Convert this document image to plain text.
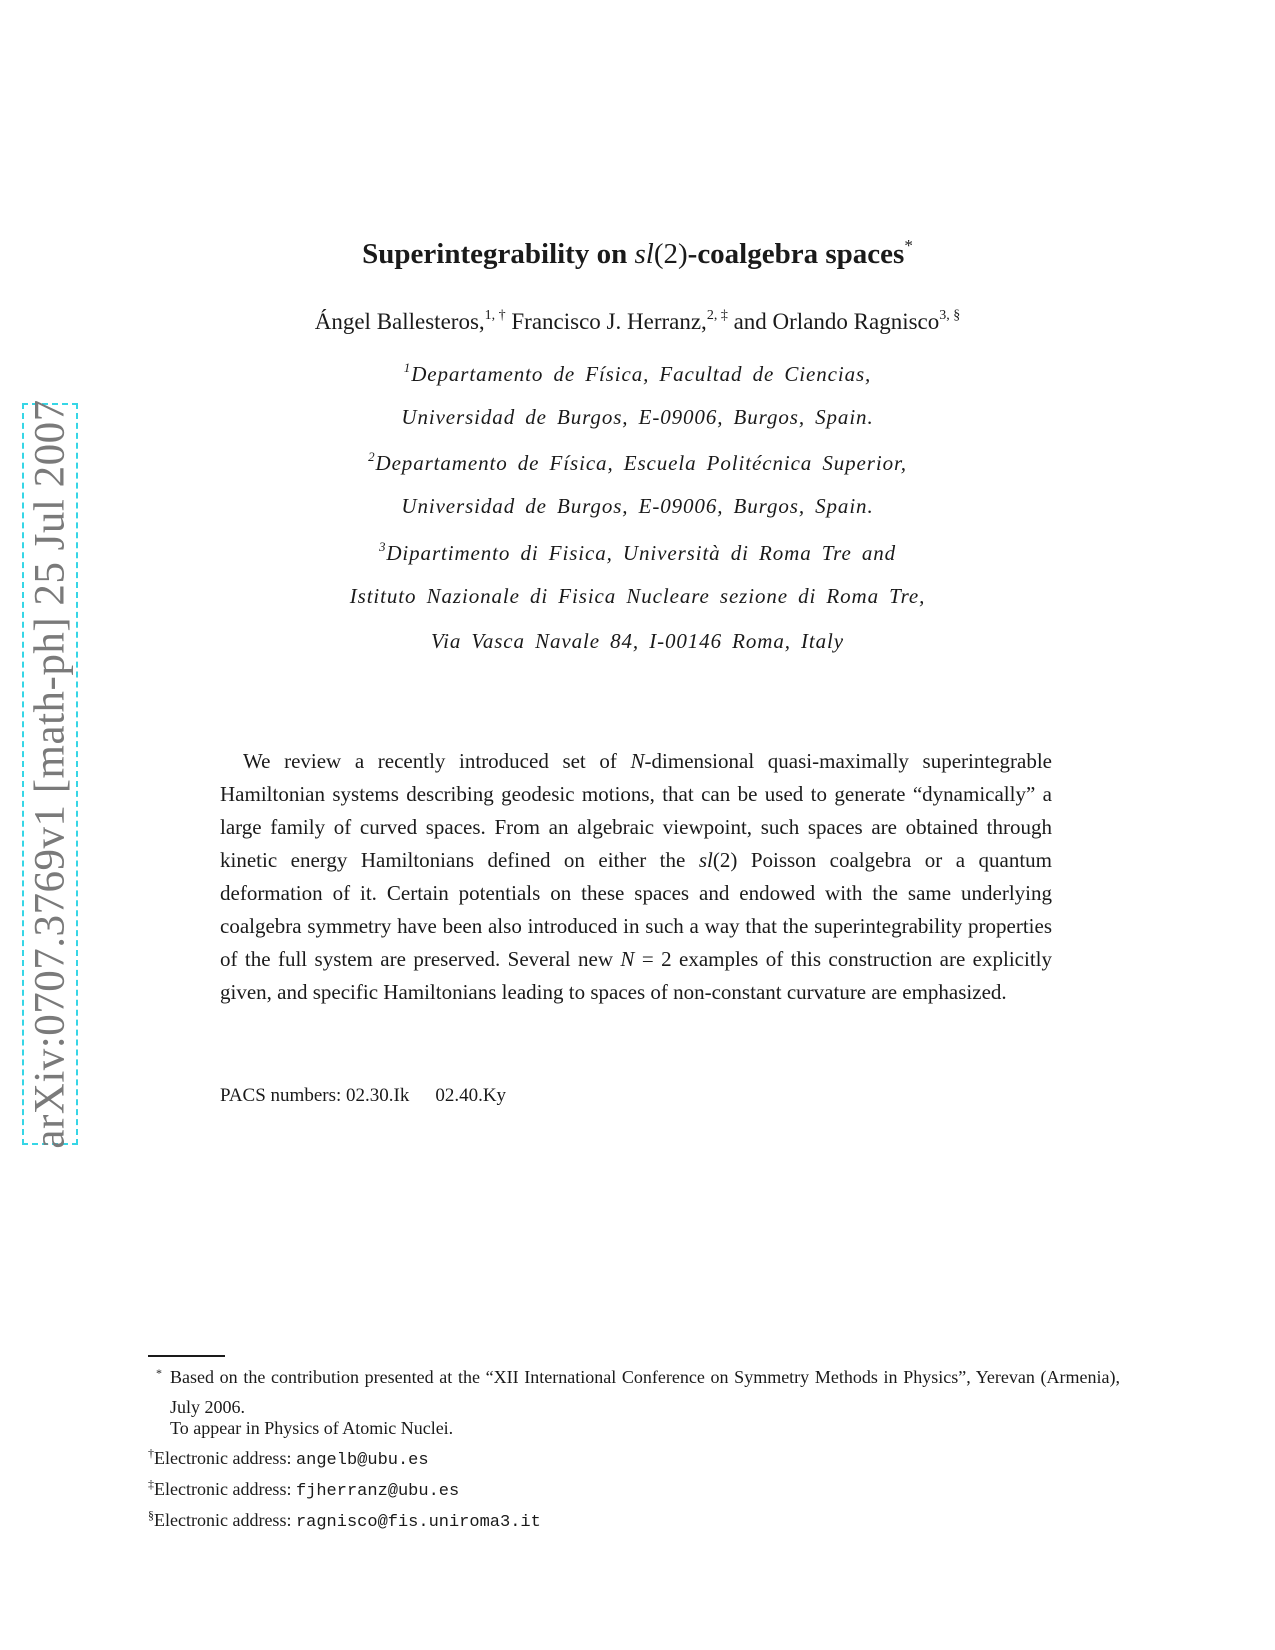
arXiv:0707.3769v1 [math-ph] 25 Jul 2007
Superintegrability on sl(2)-coalgebra spaces*
Ángel Ballesteros,$^{1, \dagger}$ Francisco J. Herranz,$^{2, \ddagger}$ and Orlando Ragnisco$^{3, \S}$
$^1$Departamento de Física, Facultad de Ciencias,
Universidad de Burgos, E-09006, Burgos, Spain.
$^2$Departamento de Física, Escuela Politécnica Superior,
Universidad de Burgos, E-09006, Burgos, Spain.
$^3$Dipartimento di Fisica, Università di Roma Tre and
Istituto Nazionale di Fisica Nucleare sezione di Roma Tre,
Via Vasca Navale 84, I-00146 Roma, Italy

We review a recently introduced set of N-dimensional quasi-maximally superintegrable Hamiltonian systems describing geodesic motions, that can be used to generate “dynamically” a large family of curved spaces. From an algebraic viewpoint, such spaces are obtained through kinetic energy Hamiltonians defined on either the sl(2) Poisson coalgebra or a quantum deformation of it. Certain potentials on these spaces and endowed with the same underlying coalgebra symmetry have been also introduced in such a way that the superintegrability properties of the full system are preserved. Several new N = 2 examples of this construction are explicitly given, and specific Hamiltonians leading to spaces of non-constant curvature are emphasized.

PACS numbers: 02.30.Ik 02.40.Ky
* Based on the contribution presented at the “XII International Conference on Symmetry Methods in Physics”, Yerevan (Armenia), July 2006.
To appear in Physics of Atomic Nuclei.
†Electronic address: angelb@ubu.es
‡Electronic address: fjherranz@ubu.es
§Electronic address: ragnisco@fis.uniroma3.it
